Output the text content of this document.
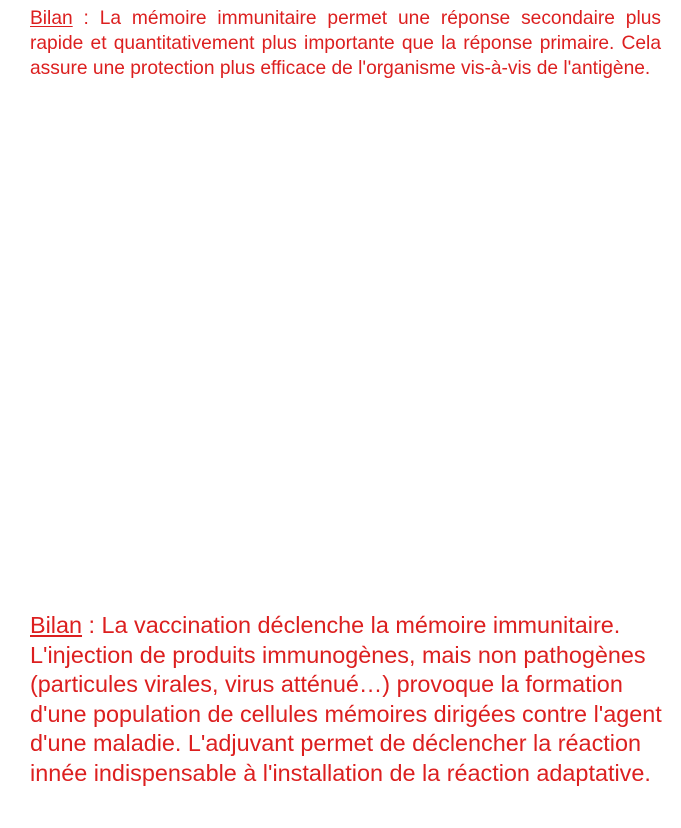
Bilan : La mémoire immunitaire permet une réponse secondaire plus rapide et quantitativement plus importante que la réponse primaire. Cela assure une protection plus efficace de l'organisme vis-à-vis de l'antigène.

Bilan : La vaccination déclenche la mémoire immunitaire. L'injection de produits immunogènes, mais non pathogènes (particules virales, virus atténué…) provoque la formation d'une population de cellules mémoires dirigées contre l'agent d'une maladie. L'adjuvant permet de déclencher la réaction innée indispensable à l'installation de la réaction adaptative.
